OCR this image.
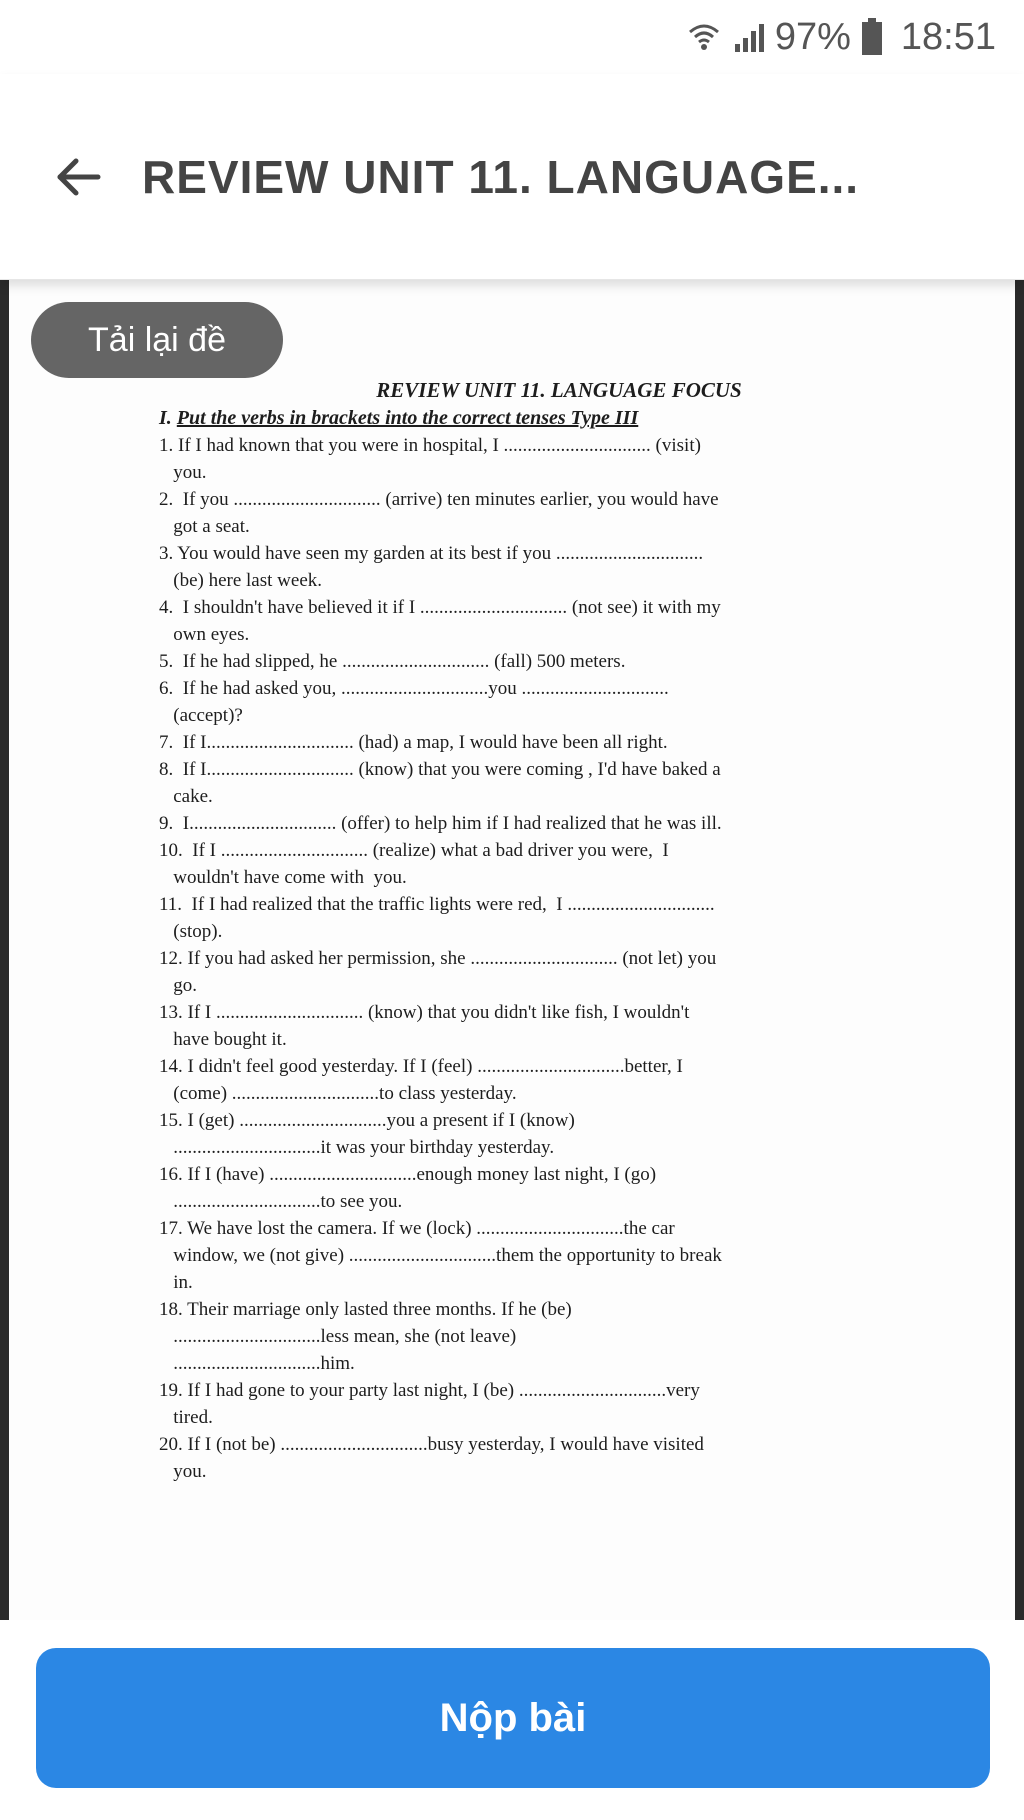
97% 18:51
REVIEW UNIT 11. LANGUAGE...
Tải lại đề
REVIEW UNIT 11. LANGUAGE FOCUS
I. Put the verbs in brackets into the correct tenses Type III
1. If I had known that you were in hospital, I ............................... (visit)
you.
2.  If you ............................... (arrive) ten minutes earlier, you would have
got a seat.
3. You would have seen my garden at its best if you ...............................
(be) here last week.
4.  I shouldn't have believed it if I ............................... (not see) it with my
own eyes.
5.  If he had slipped, he ............................... (fall) 500 meters.
6.  If he had asked you, ...............................you ...............................
(accept)?
7.  If I............................... (had) a map, I would have been all right.
8.  If I............................... (know) that you were coming , I'd have baked a
cake.
9.  I............................... (offer) to help him if I had realized that he was ill.
10.  If I ............................... (realize) what a bad driver you were,  I
wouldn't have come with  you.
11.  If I had realized that the traffic lights were red,  I ...............................
(stop).
12. If you had asked her permission, she ............................... (not let) you
go.
13. If I ............................... (know) that you didn't like fish, I wouldn't
have bought it.
14. I didn't feel good yesterday. If I (feel) ...............................better, I
(come) ...............................to class yesterday.
15. I (get) ...............................you a present if I (know)
...............................it was your birthday yesterday.
16. If I (have) ...............................enough money last night, I (go)
...............................to see you.
17. We have lost the camera. If we (lock) ...............................the car
window, we (not give) ...............................them the opportunity to break
in.
18. Their marriage only lasted three months. If he (be)
...............................less mean, she (not leave)
...............................him.
19. If I had gone to your party last night, I (be) ...............................very
tired.
20. If I (not be) ...............................busy yesterday, I would have visited
you.
Nộp bài
